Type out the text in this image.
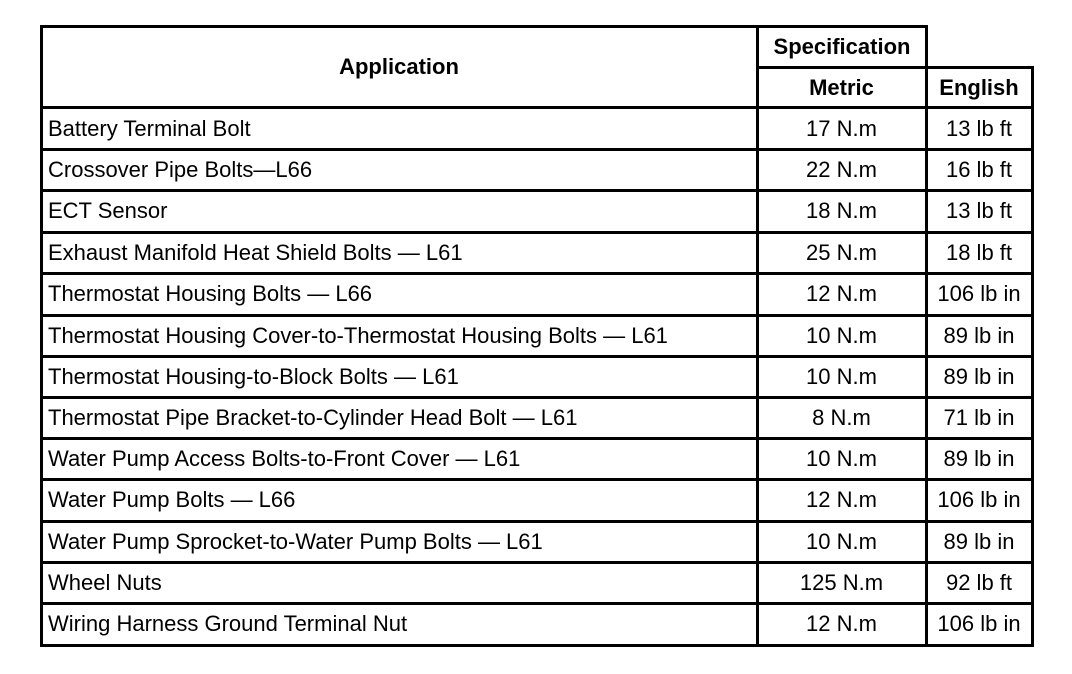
Application
Specification
Metric	English
Battery Terminal Bolt	17 N.m	13 lb ft
Crossover Pipe Bolts—L66	22 N.m	16 lb ft
ECT Sensor	18 N.m	13 lb ft
Exhaust Manifold Heat Shield Bolts — L61	25 N.m	18 lb ft
Thermostat Housing Bolts — L66	12 N.m	106 lb in
Thermostat Housing Cover-to-Thermostat Housing Bolts — L61	10 N.m	89 lb in
Thermostat Housing-to-Block Bolts — L61	10 N.m	89 lb in
Thermostat Pipe Bracket-to-Cylinder Head Bolt — L61	8 N.m	71 lb in
Water Pump Access Bolts-to-Front Cover — L61	10 N.m	89 lb in
Water Pump Bolts — L66	12 N.m	106 lb in
Water Pump Sprocket-to-Water Pump Bolts — L61	10 N.m	89 lb in
Wheel Nuts	125 N.m	92 lb ft
Wiring Harness Ground Terminal Nut	12 N.m	106 lb in
